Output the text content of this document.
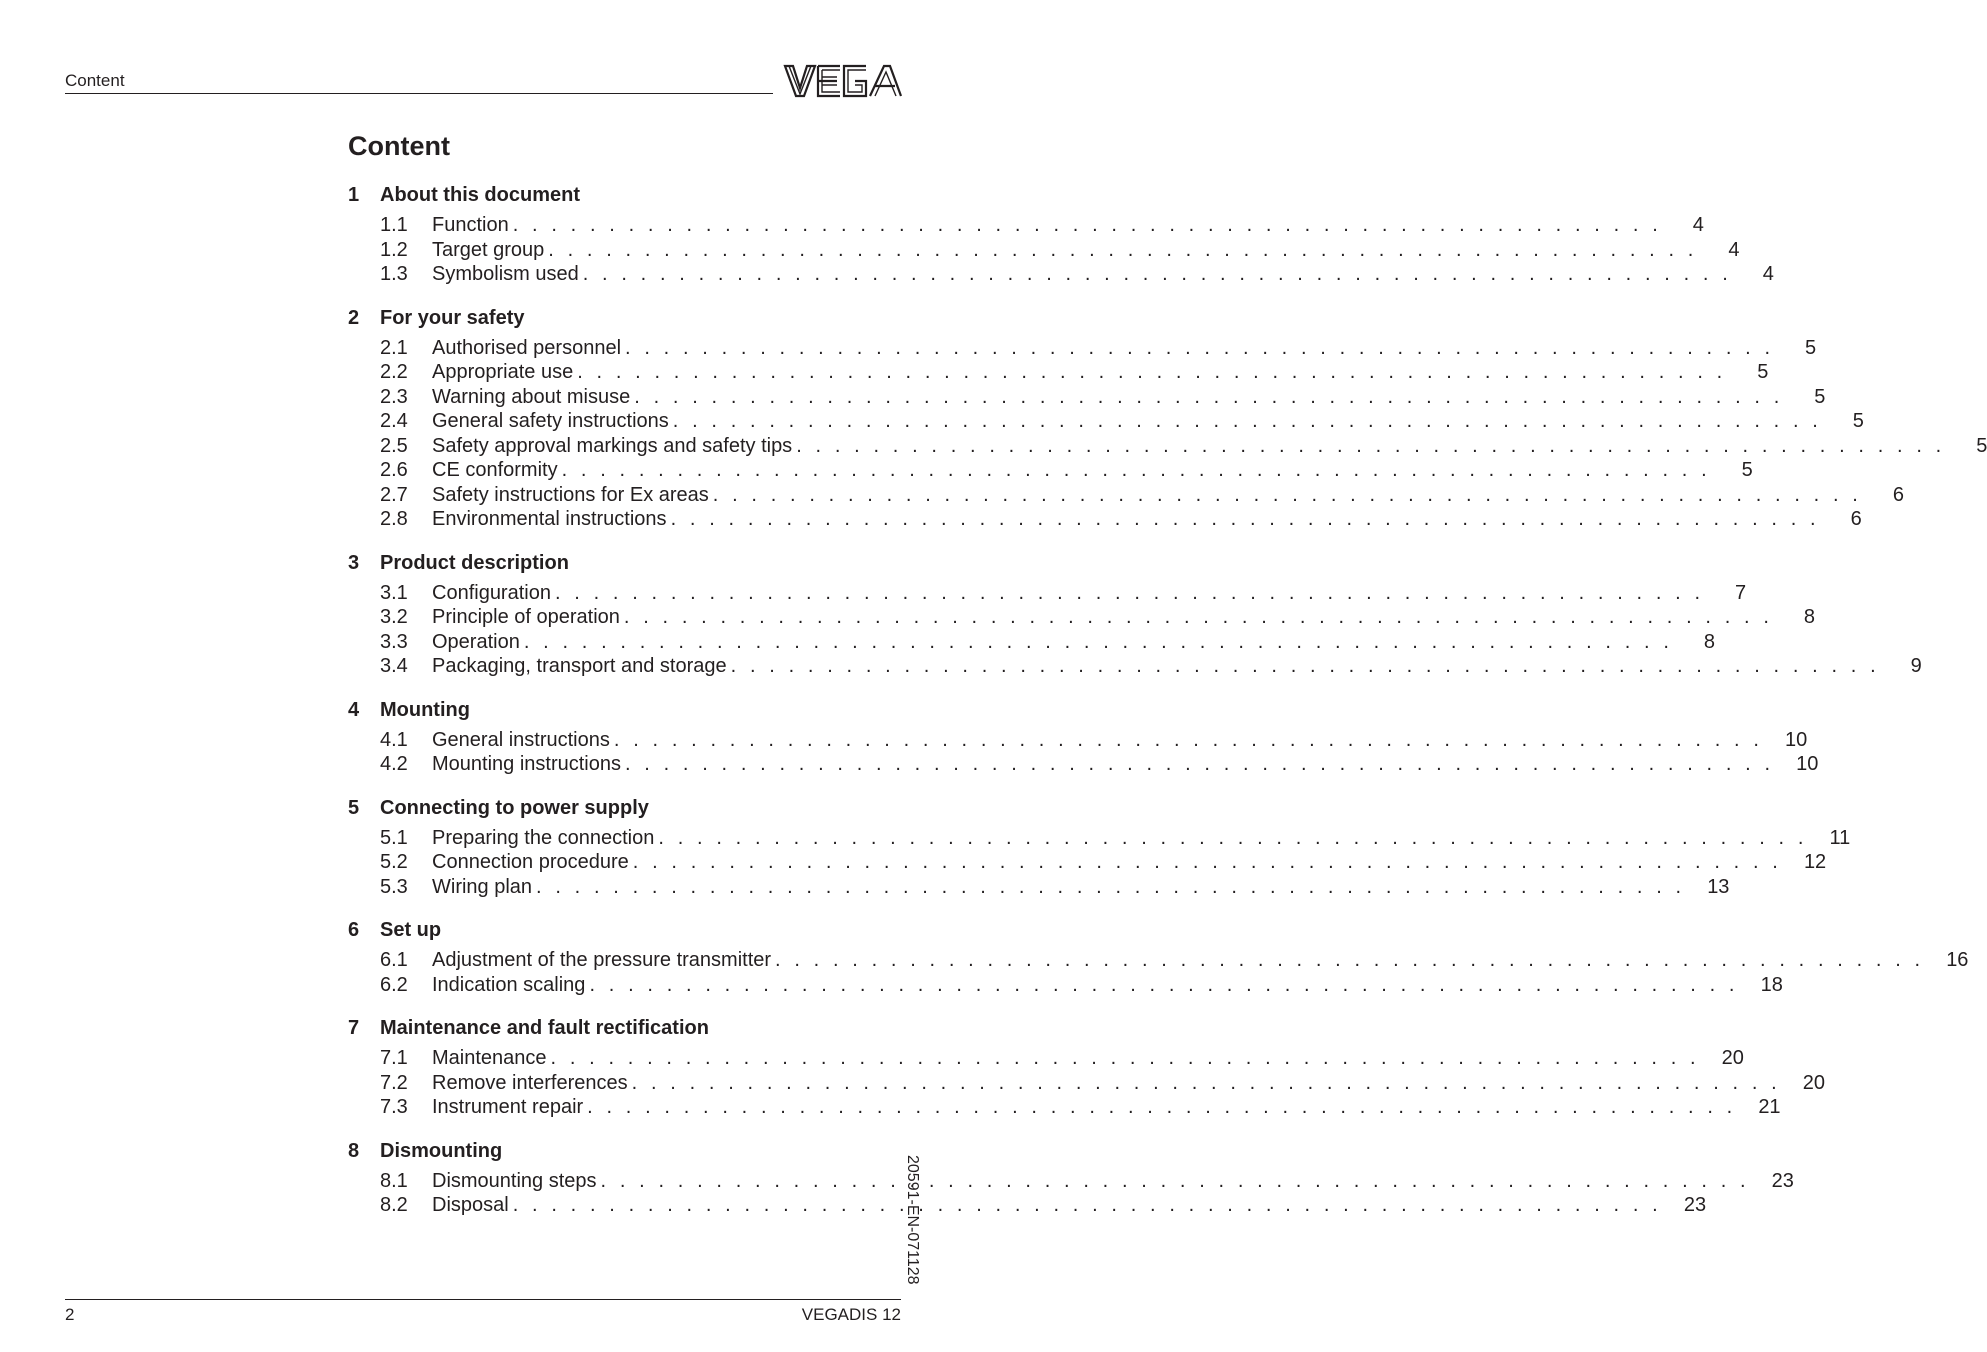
Content
Content
1	About this document
1.1	Function . . . . . . . . . . . . . . . . . . . . . . . . . . . . . . . . . . . . . . . . . . . . . . . . . . . . . . . . . . . .	4
1.2	Target group . . . . . . . . . . . . . . . . . . . . . . . . . . . . . . . . . . . . . . . . . . . . . . . . . . . . . . . . . . . .	4
1.3	Symbolism used . . . . . . . . . . . . . . . . . . . . . . . . . . . . . . . . . . . . . . . . . . . . . . . . . . . . . . . . . . . .	4
2	For your safety
2.1	Authorised personnel . . . . . . . . . . . . . . . . . . . . . . . . . . . . . . . . . . . . . . . . . . . . . . . . . . . . . . . . . . . .	5
2.2	Appropriate use . . . . . . . . . . . . . . . . . . . . . . . . . . . . . . . . . . . . . . . . . . . . . . . . . . . . . . . . . . . .	5
2.3	Warning about misuse . . . . . . . . . . . . . . . . . . . . . . . . . . . . . . . . . . . . . . . . . . . . . . . . . . . . . . . . . . . .	5
2.4	General safety instructions . . . . . . . . . . . . . . . . . . . . . . . . . . . . . . . . . . . . . . . . . . . . . . . . . . . . . . . . . . . .	5
2.5	Safety approval markings and safety tips . . . . . . . . . . . . . . . . . . . . . . . . . . . . . . . . . . . . . . . . . . . . . . . . . . . . . . . . . . . .	5
2.6	CE conformity . . . . . . . . . . . . . . . . . . . . . . . . . . . . . . . . . . . . . . . . . . . . . . . . . . . . . . . . . . . .	5
2.7	Safety instructions for Ex areas . . . . . . . . . . . . . . . . . . . . . . . . . . . . . . . . . . . . . . . . . . . . . . . . . . . . . . . . . . . .	6
2.8	Environmental instructions . . . . . . . . . . . . . . . . . . . . . . . . . . . . . . . . . . . . . . . . . . . . . . . . . . . . . . . . . . . .	6
3	Product description
3.1	Configuration . . . . . . . . . . . . . . . . . . . . . . . . . . . . . . . . . . . . . . . . . . . . . . . . . . . . . . . . . . . .	7
3.2	Principle of operation . . . . . . . . . . . . . . . . . . . . . . . . . . . . . . . . . . . . . . . . . . . . . . . . . . . . . . . . . . . .	8
3.3	Operation . . . . . . . . . . . . . . . . . . . . . . . . . . . . . . . . . . . . . . . . . . . . . . . . . . . . . . . . . . . .	8
3.4	Packaging, transport and storage . . . . . . . . . . . . . . . . . . . . . . . . . . . . . . . . . . . . . . . . . . . . . . . . . . . . . . . . . . . .	9
4	Mounting
4.1	General instructions . . . . . . . . . . . . . . . . . . . . . . . . . . . . . . . . . . . . . . . . . . . . . . . . . . . . . . . . . . . . 10
4.2	Mounting instructions . . . . . . . . . . . . . . . . . . . . . . . . . . . . . . . . . . . . . . . . . . . . . . . . . . . . . . . . . . . . 10
5	Connecting to power supply
5.1	Preparing the connection . . . . . . . . . . . . . . . . . . . . . . . . . . . . . . . . . . . . . . . . . . . . . . . . . . . . . . . . . . . . 11
5.2	Connection procedure . . . . . . . . . . . . . . . . . . . . . . . . . . . . . . . . . . . . . . . . . . . . . . . . . . . . . . . . . . . . 12
5.3	Wiring plan . . . . . . . . . . . . . . . . . . . . . . . . . . . . . . . . . . . . . . . . . . . . . . . . . . . . . . . . . . . . 13
6	Set up
6.1	Adjustment of the pressure transmitter . . . . . . . . . . . . . . . . . . . . . . . . . . . . . . . . . . . . . . . . . . . . . . . . . . . . . . . . . . . . 16
6.2	Indication scaling . . . . . . . . . . . . . . . . . . . . . . . . . . . . . . . . . . . . . . . . . . . . . . . . . . . . . . . . . . . . 18
7	Maintenance and fault rectification
7.1	Maintenance . . . . . . . . . . . . . . . . . . . . . . . . . . . . . . . . . . . . . . . . . . . . . . . . . . . . . . . . . . . . 20
7.2	Remove interferences . . . . . . . . . . . . . . . . . . . . . . . . . . . . . . . . . . . . . . . . . . . . . . . . . . . . . . . . . . . . 20
7.3	Instrument repair . . . . . . . . . . . . . . . . . . . . . . . . . . . . . . . . . . . . . . . . . . . . . . . . . . . . . . . . . . . . 21
8	Dismounting
8.1	Dismounting steps . . . . . . . . . . . . . . . . . . . . . . . . . . . . . . . . . . . . . . . . . . . . . . . . . . . . . . . . . . . . 23
8.2	Disposal . . . . . . . . . . . . . . . . . . . . . . . . . . . . . . . . . . . . . . . . . . . . . . . . . . . . . . . . . . . . 23
20591-EN-071128
2	VEGADIS 12
